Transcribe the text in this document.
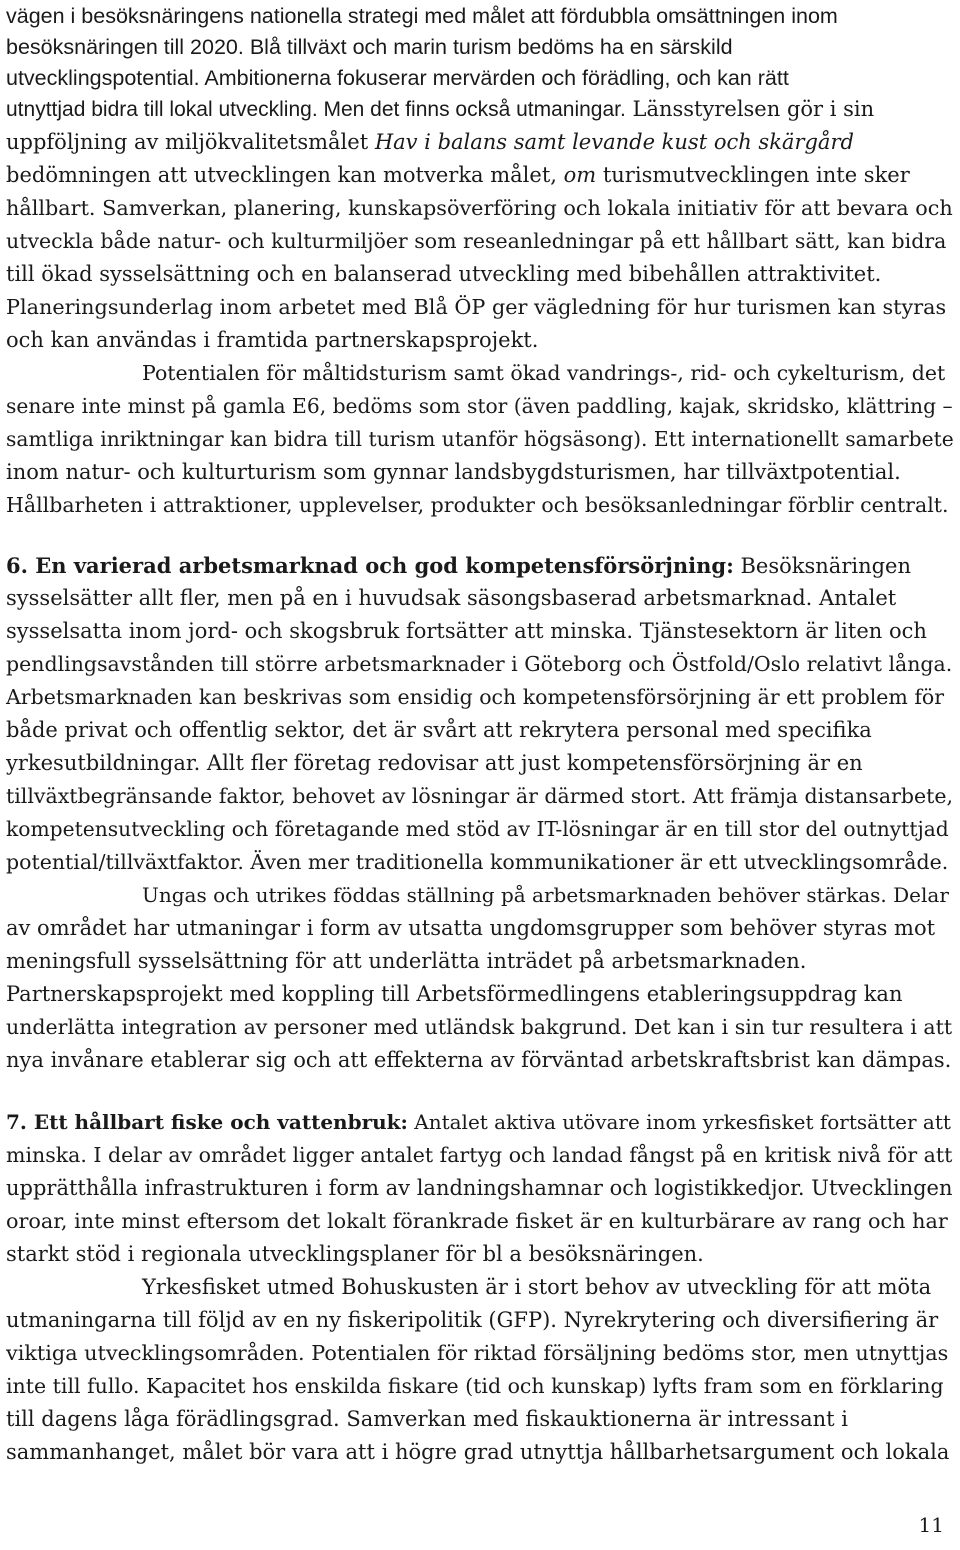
vägen i besöksnäringens nationella strategi med målet att fördubbla omsättningen inom
besöksnäringen till 2020. Blå tillväxt och marin turism bedöms ha en särskild
utvecklingspotential. Ambitionerna fokuserar mervärden och förädling, och kan rätt
utnyttjad bidra till lokal utveckling. Men det finns också utmaningar. Länsstyrelsen gör i sin
uppföljning av miljökvalitetsmålet Hav i balans samt levande kust och skärgård
bedömningen att utvecklingen kan motverka målet, om turismutvecklingen inte sker
hållbart. Samverkan, planering, kunskapsöverföring och lokala initiativ för att bevara och
utveckla både natur- och kulturmiljöer som reseanledningar på ett hållbart sätt, kan bidra
till ökad sysselsättning och en balanserad utveckling med bibehållen attraktivitet.
Planeringsunderlag inom arbetet med Blå ÖP ger vägledning för hur turismen kan styras
och kan användas i framtida partnerskapsprojekt.
Potentialen för måltidsturism samt ökad vandrings-, rid- och cykelturism, det
senare inte minst på gamla E6, bedöms som stor (även paddling, kajak, skridsko, klättring –
samtliga inriktningar kan bidra till turism utanför högsäsong). Ett internationellt samarbete
inom natur- och kulturturism som gynnar landsbygdsturismen, har tillväxtpotential.
Hållbarheten i attraktioner, upplevelser, produkter och besöksanledningar förblir centralt.
6. En varierad arbetsmarknad och god kompetensförsörjning: Besöksnäringen
sysselsätter allt fler, men på en i huvudsak säsongsbaserad arbetsmarknad. Antalet
sysselsatta inom jord- och skogsbruk fortsätter att minska. Tjänstesektorn är liten och
pendlingsavstånden till större arbetsmarknader i Göteborg och Östfold/Oslo relativt långa.
Arbetsmarknaden kan beskrivas som ensidig och kompetensförsörjning är ett problem för
både privat och offentlig sektor, det är svårt att rekrytera personal med specifika
yrkesutbildningar. Allt fler företag redovisar att just kompetensförsörjning är en
tillväxtbegränsande faktor, behovet av lösningar är därmed stort. Att främja distansarbete,
kompetensutveckling och företagande med stöd av IT-lösningar är en till stor del outnyttjad
potential/tillväxtfaktor. Även mer traditionella kommunikationer är ett utvecklingsområde.
Ungas och utrikes föddas ställning på arbetsmarknaden behöver stärkas. Delar
av området har utmaningar i form av utsatta ungdomsgrupper som behöver styras mot
meningsfull sysselsättning för att underlätta inträdet på arbetsmarknaden.
Partnerskapsprojekt med koppling till Arbetsförmedlingens etableringsuppdrag kan
underlätta integration av personer med utländsk bakgrund. Det kan i sin tur resultera i att
nya invånare etablerar sig och att effekterna av förväntad arbetskraftsbrist kan dämpas.
7. Ett hållbart fiske och vattenbruk: Antalet aktiva utövare inom yrkesfisket fortsätter att
minska. I delar av området ligger antalet fartyg och landad fångst på en kritisk nivå för att
upprätthålla infrastrukturen i form av landningshamnar och logistikkedjor. Utvecklingen
oroar, inte minst eftersom det lokalt förankrade fisket är en kulturbärare av rang och har
starkt stöd i regionala utvecklingsplaner för bl a besöksnäringen.
Yrkesfisket utmed Bohuskusten är i stort behov av utveckling för att möta
utmaningarna till följd av en ny fiskeripolitik (GFP). Nyrekrytering och diversifiering är
viktiga utvecklingsområden. Potentialen för riktad försäljning bedöms stor, men utnyttjas
inte till fullo. Kapacitet hos enskilda fiskare (tid och kunskap) lyfts fram som en förklaring
till dagens låga förädlingsgrad. Samverkan med fiskauktionerna är intressant i
sammanhanget, målet bör vara att i högre grad utnyttja hållbarhetsargument och lokala
11
